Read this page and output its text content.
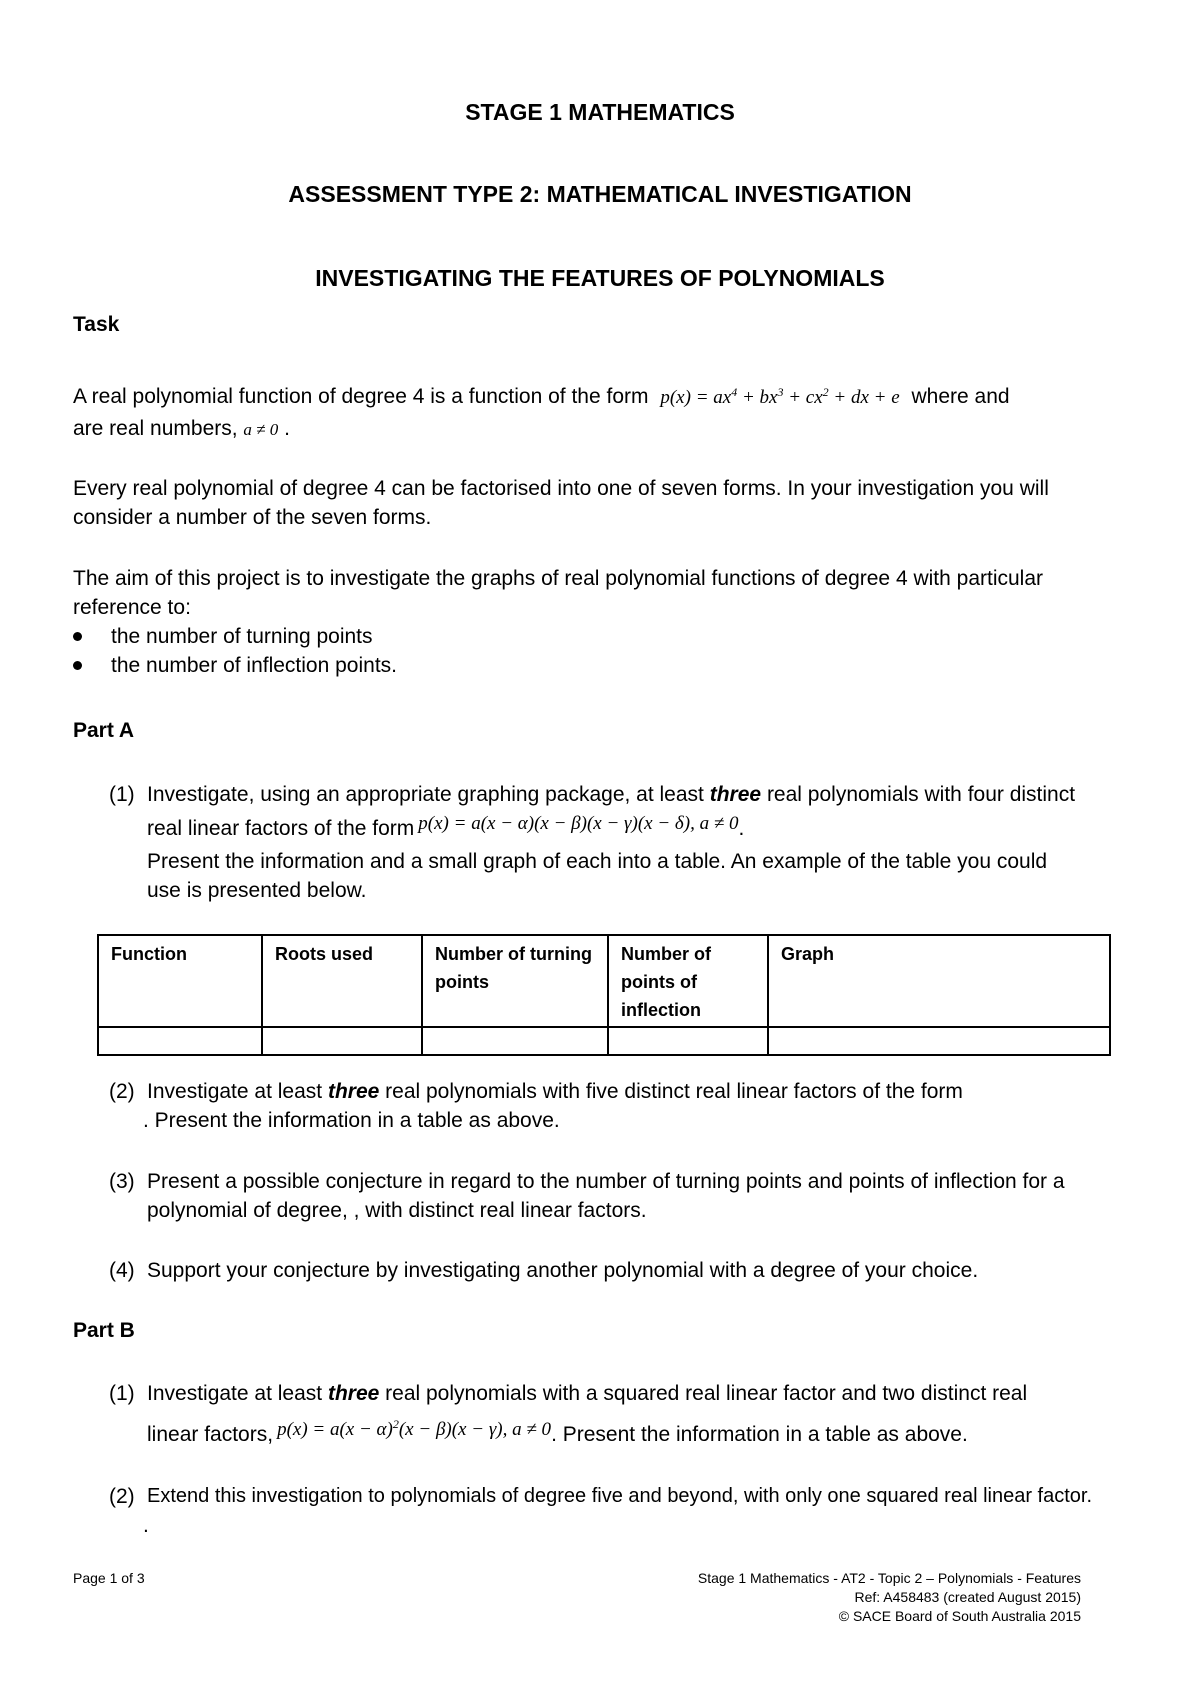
STAGE 1 MATHEMATICS

ASSESSMENT TYPE 2: MATHEMATICAL INVESTIGATION

INVESTIGATING THE FEATURES OF POLYNOMIALS

Task

A real polynomial function of degree 4 is a function of the form $p(x) = ax^4 + bx^3 + cx^2$ + dx + e where and

are real numbers, a ≠ 0 .

Every real polynomial of degree 4 can be factorised into one of seven forms. In your investigation you will

consider a number of the seven forms.

The aim of this project is to investigate the graphs of real polynomial functions of degree 4 with particular

reference to:

the number of turning points

the number of inflection points.

Part A

(1) Investigate, using an appropriate graphing package, at least three real polynomials with four distinct

real linear factors of the form p(x) = a(x − α)(x − β)(x − γ)(x − δ), a ≠ 0.

Present the information and a small graph of each into a table. An example of the table you could

use is presented below.

Function	Roots used	Number of turning points	Number of points of inflection	Graph

(2) Investigate at least three real polynomials with five distinct real linear factors of the form

. Present the information in a table as above.

(3) Present a possible conjecture in regard to the number of turning points and points of inflection for a

polynomial of degree, , with distinct real linear factors.

(4) Support your conjecture by investigating another polynomial with a degree of your choice.

Part B

(1) Investigate at least three real polynomials with a squared real linear factor and two distinct real

linear factors, $p(x) = a(x - \alpha)^2(x - \beta)(x - \gamma)$, a ≠ 0. Present the information in a table as above.

(2) Extend this investigation to polynomials of degree five and beyond, with only one squared real linear factor.

.

Page 1 of 3	Stage 1 Mathematics - AT2 - Topic 2 – Polynomials - Features
Ref: A458483 (created August 2015)
© SACE Board of South Australia 2015
